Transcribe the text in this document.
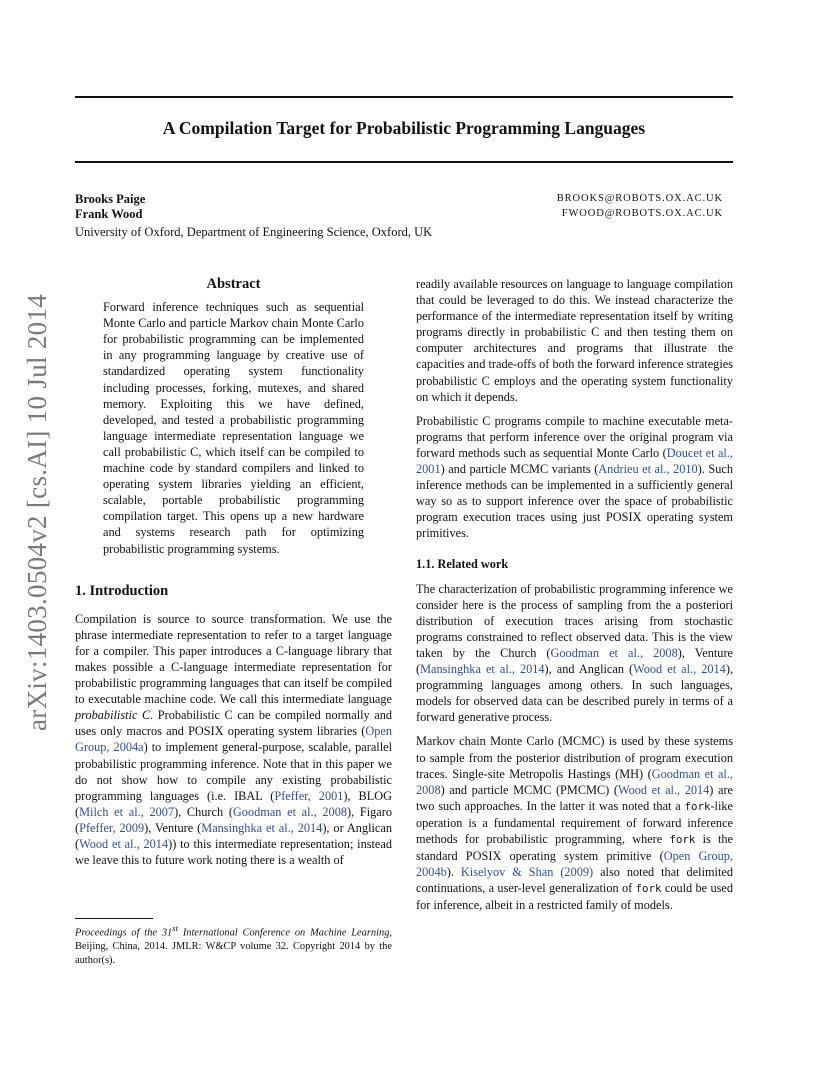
A Compilation Target for Probabilistic Programming Languages
Brooks Paige	BROOKS@ROBOTS.OX.AC.UK
Frank Wood	FWOOD@ROBOTS.OX.AC.UK
University of Oxford, Department of Engineering Science, Oxford, UK
arXiv:1403.0504v2 [cs.AI] 10 Jul 2014
Abstract
Forward inference techniques such as sequential Monte Carlo and particle Markov chain Monte Carlo for probabilistic programming can be implemented in any programming language by creative use of standardized operating system functionality including processes, forking, mutexes, and shared memory. Exploiting this we have defined, developed, and tested a probabilistic programming language intermediate representation language we call probabilistic C, which itself can be compiled to machine code by standard compilers and linked to operating system libraries yielding an efficient, scalable, portable probabilistic programming compilation target. This opens up a new hardware and systems research path for optimizing probabilistic programming systems.
1. Introduction

Compilation is source to source transformation. We use the phrase intermediate representation to refer to a target language for a compiler. This paper introduces a C-language library that makes possible a C-language intermediate representation for probabilistic programming languages that can itself be compiled to executable machine code. We call this intermediate language probabilistic C. Probabilistic C can be compiled normally and uses only macros and POSIX operating system libraries (Open Group, 2004a) to implement general-purpose, scalable, parallel probabilistic programming inference. Note that in this paper we do not show how to compile any existing probabilistic programming languages (i.e. IBAL (Pfeffer, 2001), BLOG (Milch et al., 2007), Church (Goodman et al., 2008), Figaro (Pfeffer, 2009), Venture (Mansinghka et al., 2014), or Anglican (Wood et al., 2014)) to this intermediate representation; instead we leave this to future work noting there is a wealth of

Proceedings of the 31st International Conference on Machine Learning, Beijing, China, 2014. JMLR: W&CP volume 32. Copyright 2014 by the author(s).

readily available resources on language to language compilation that could be leveraged to do this. We instead characterize the performance of the intermediate representation itself by writing programs directly in probabilistic C and then testing them on computer architectures and programs that illustrate the capacities and trade-offs of both the forward inference strategies probabilistic C employs and the operating system functionality on which it depends.

Probabilistic C programs compile to machine executable meta-programs that perform inference over the original program via forward methods such as sequential Monte Carlo (Doucet et al., 2001) and particle MCMC variants (Andrieu et al., 2010). Such inference methods can be implemented in a sufficiently general way so as to support inference over the space of probabilistic program execution traces using just POSIX operating system primitives.

1.1. Related work

The characterization of probabilistic programming inference we consider here is the process of sampling from the a posteriori distribution of execution traces arising from stochastic programs constrained to reflect observed data. This is the view taken by the Church (Goodman et al., 2008), Venture (Mansinghka et al., 2014), and Anglican (Wood et al., 2014), programming languages among others. In such languages, models for observed data can be described purely in terms of a forward generative process.

Markov chain Monte Carlo (MCMC) is used by these systems to sample from the posterior distribution of program execution traces. Single-site Metropolis Hastings (MH) (Goodman et al., 2008) and particle MCMC (PMCMC) (Wood et al., 2014) are two such approaches. In the latter it was noted that a fork-like operation is a fundamental requirement of forward inference methods for probabilistic programming, where fork is the standard POSIX operating system primitive (Open Group, 2004b). Kiselyov & Shan (2009) also noted that delimited continuations, a user-level generalization of fork could be used for inference, albeit in a restricted family of models.
